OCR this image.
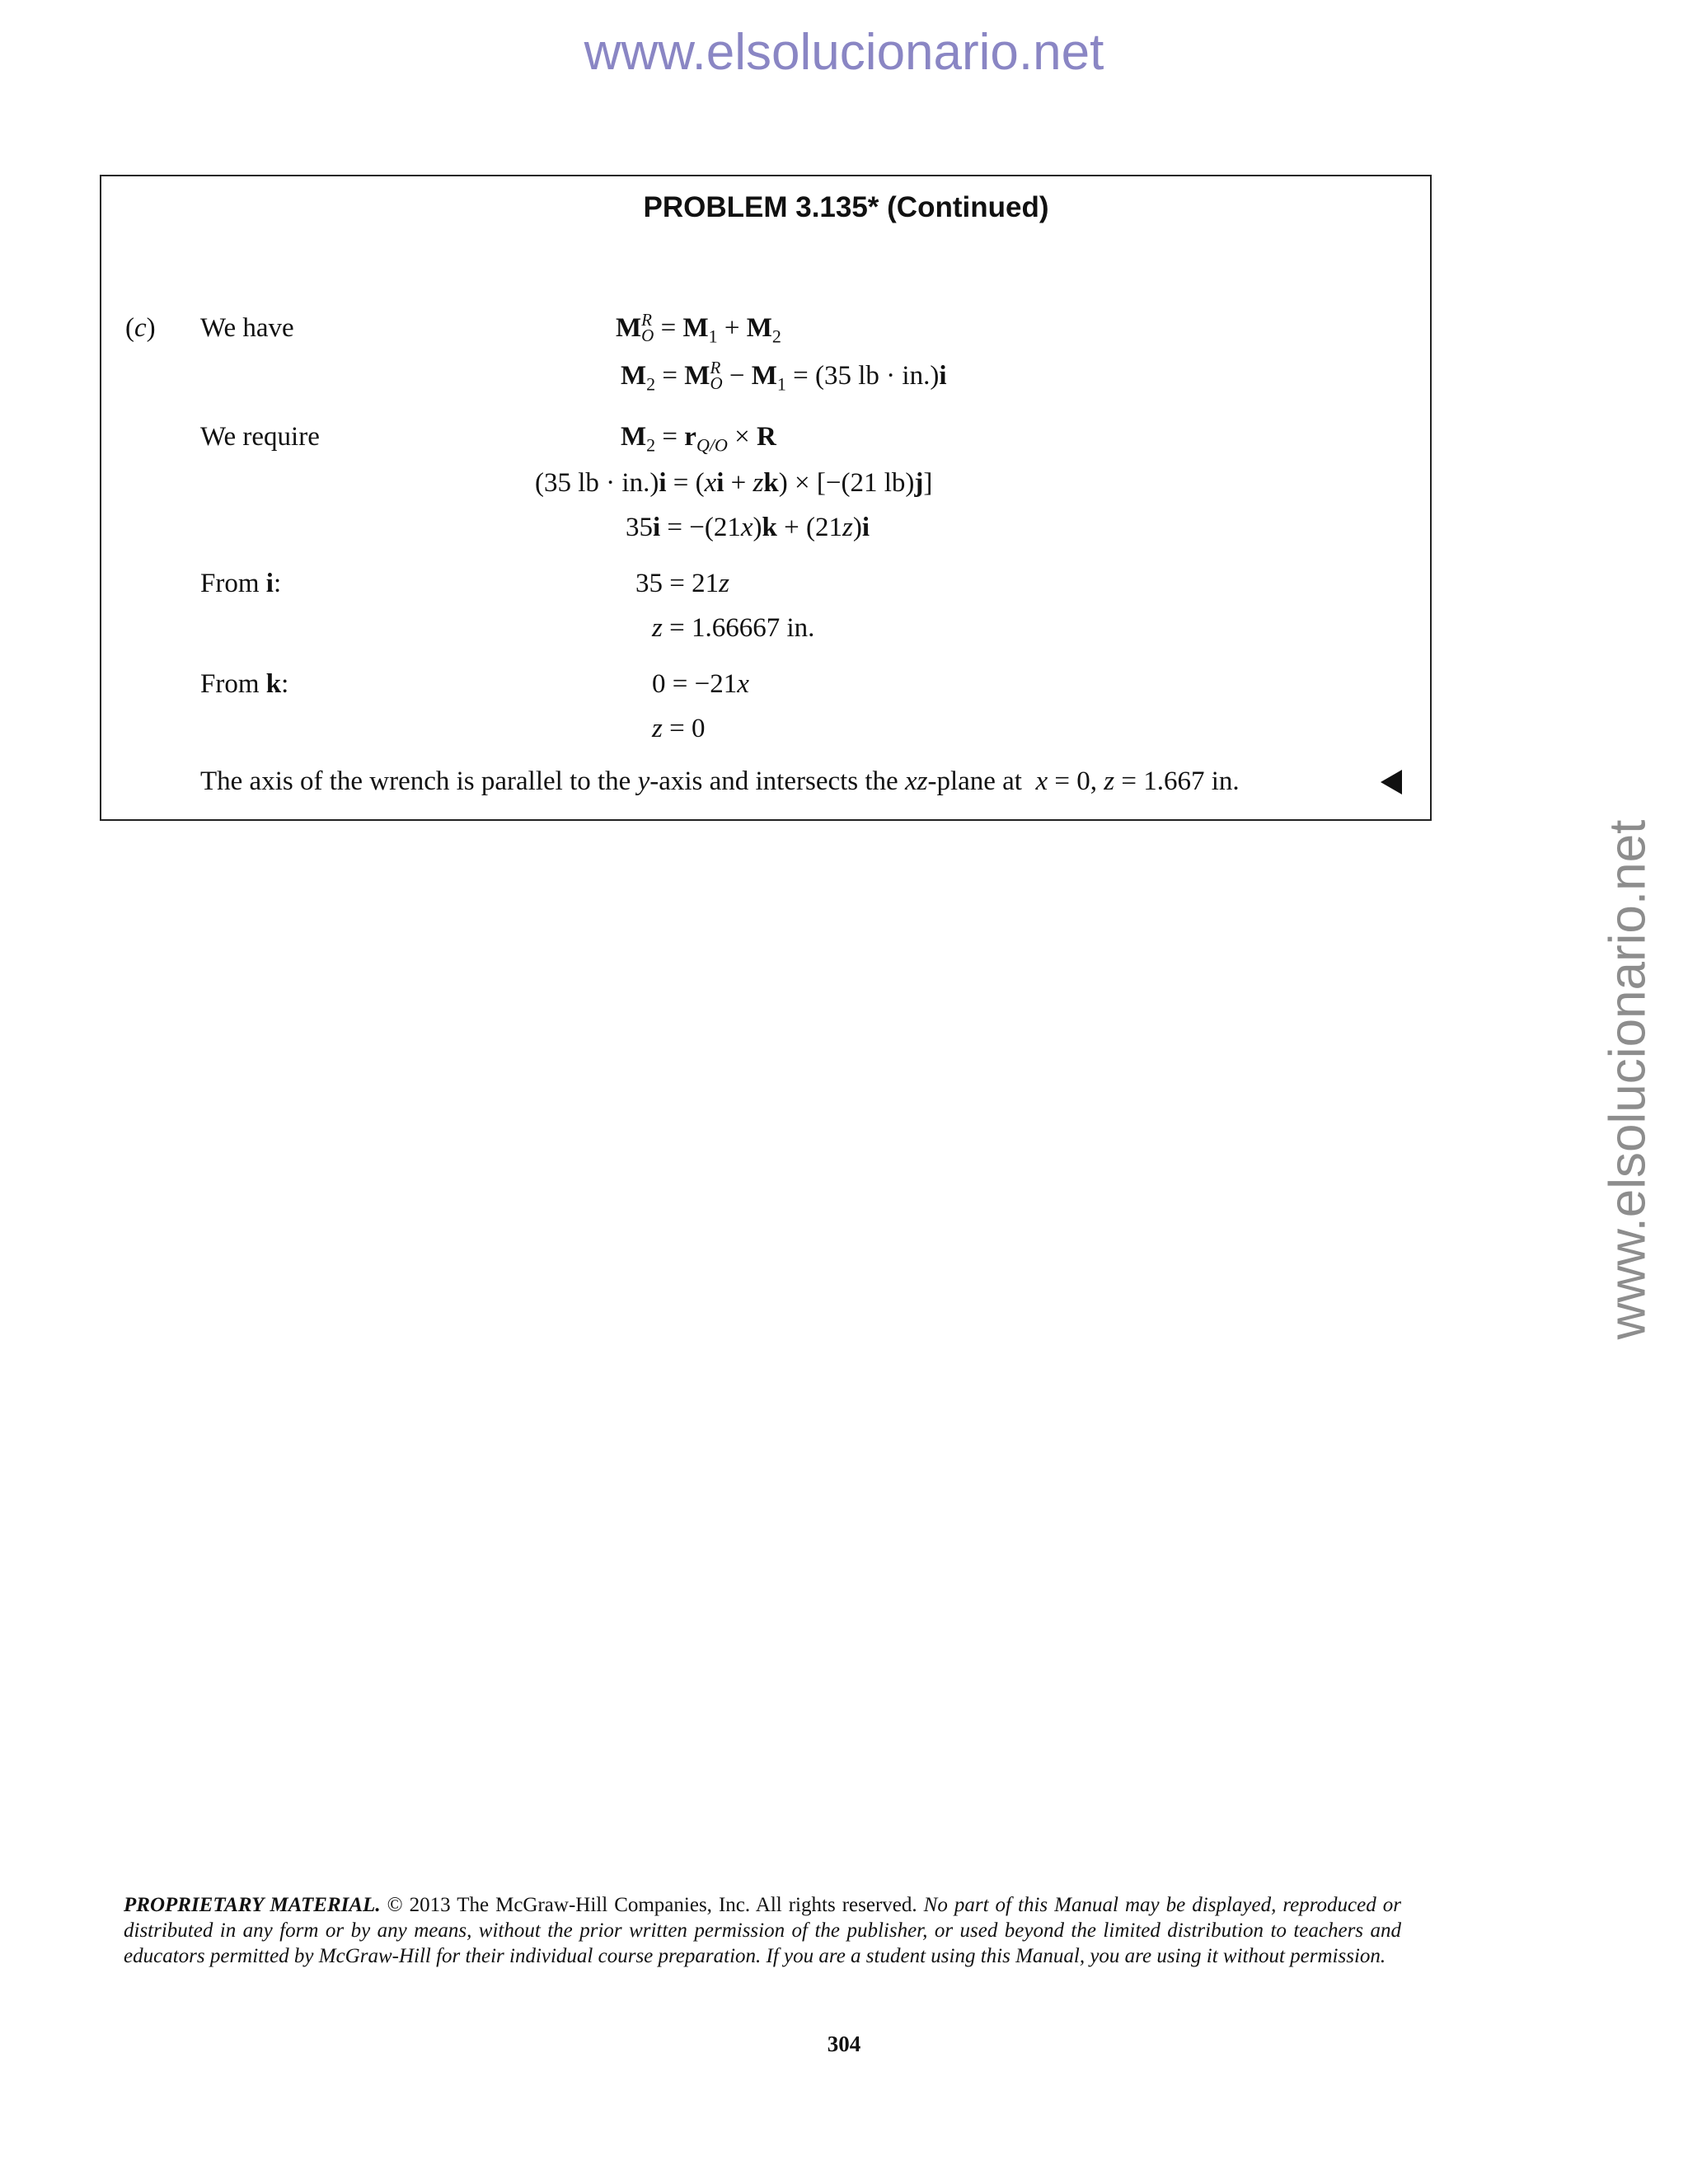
www.elsolucionario.net
www.elsolucionario.net
PROBLEM 3.135* (Continued)
(c) We have	M R
$O = M_1 + M_2$
$M_2 = M$ R
$O - M_1 = (35$ lb · in.)i
We require	$M_2 = r_{Q/O} \times R$
(35 lb · in.)i = (xi + zk) × [−(21 lb)j]
35i = −(21x)k + (21z)i
From i:	35 = 21z
z = 1.66667 in.
From k:	0 = −21x
z = 0
The axis of the wrench is parallel to the y-axis and intersects the xz-plane at  x = 0, z = 1.667 in.
PROPRIETARY MATERIAL. © 2013 The McGraw-Hill Companies, Inc. All rights reserved. No part of this Manual may be displayed, reproduced or distributed in any form or by any means, without the prior written permission of the publisher, or used beyond the limited distribution to teachers and educators permitted by McGraw-Hill for their individual course preparation. If you are a student using this Manual, you are using it without permission.
304
